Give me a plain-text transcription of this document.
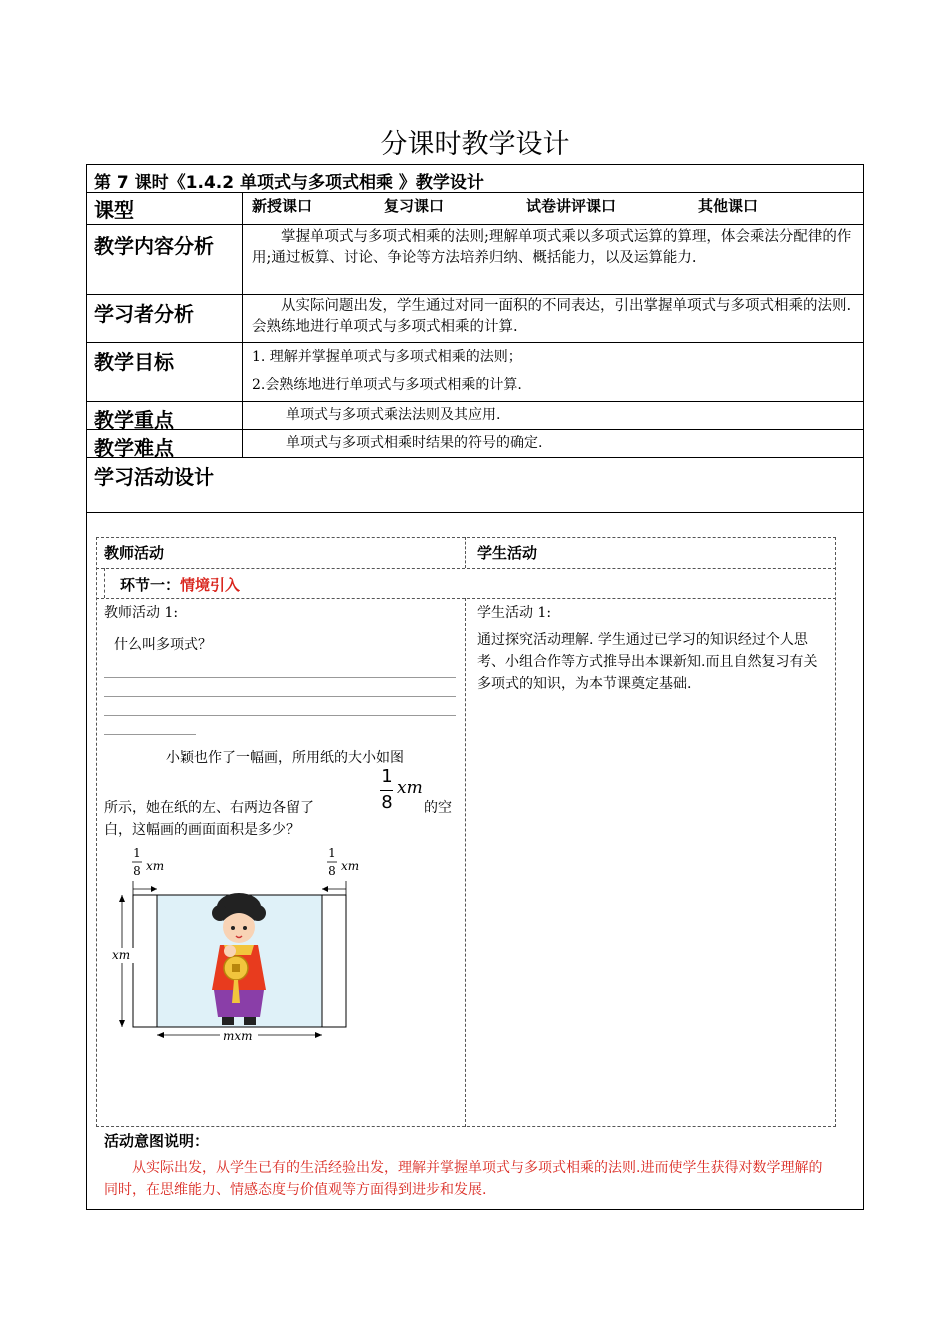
分课时教学设计
第 7 课时《1.4.2 单项式与多项式相乘 》教学设计
课型	新授课口	复习课口	试卷讲评课口	其他课口
教学内容分析	掌握单项式与多项式相乘的法则;理解单项式乘以多项式运算的算理，体会乘法分配律的作用;通过板算、讨论、争论等方法培养归纳、概括能力，以及运算能力.

学习者分析	从实际问题出发，学生通过对同一面积的不同表达，引出掌握单项式与多项式相乘的法则.会熟练地进行单项式与多项式相乘的计算.

教学目标	1. 理解并掌握单项式与多项式相乘的法则；
2.会熟练地进行单项式与多项式相乘的计算.
教学重点	单项式与多项式乘法法则及其应用.
教学难点	单项式与多项式相乘时结果的符号的确定.
学习活动设计
教师活动	学生活动
环节一：情境引入
教师活动 1:
什么叫多项式？
小颖也作了一幅画，所用纸的大小如图
所示，她在纸的左、右两边各留了
1
8
xm
的空
白，这幅画的画面面积是多少？
1
8 xm
1
8 xm
xm
mxm
学生活动 1:
通过探究活动理解. 学生通过已学习的知识经过个人思考、小组合作等方式推导出本课新知.而且自然复习有关多项式的知识，为本节课奠定基础.
活动意图说明：
从实际出发，从学生已有的生活经验出发，理解并掌握单项式与多项式相乘的法则.进而使学生获得对数学理解的同时，在思维能力、情感态度与价值观等方面得到进步和发展.
